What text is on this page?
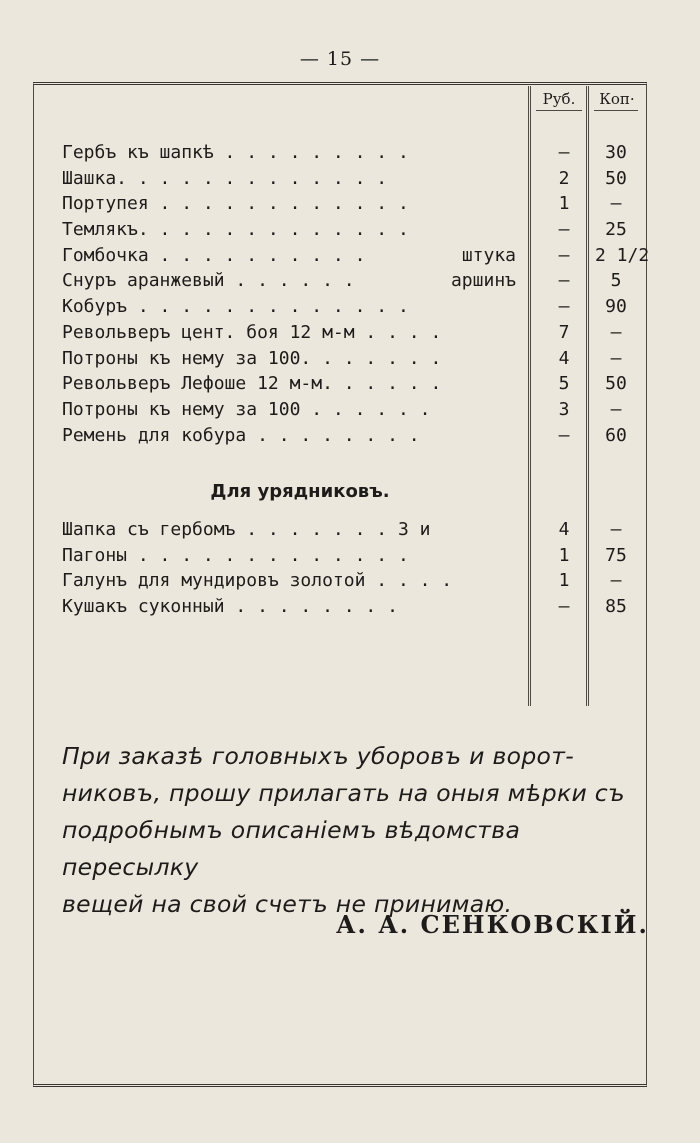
— 15 —
Руб.	Коп·
Гербъ къ шапкѣ . . . . . . . . .	—	30
Шашка. . . . . . . . . . . . .	2	50
Портупея . . . . . . . . . . . .	1	—
Темлякъ. . . . . . . . . . . . .	—	25
Гомбочка . . . . . . . . . .	штука	—	2 1/2
Снуръ аранжевый . . . . . .	аршинъ	—	5
Кобуръ . . . . . . . . . . . . .	—	90
Револьверъ цент. боя 12 м-м . . . .	7	—
Потроны къ нему за 100. . . . . . .	4	—
Револьверъ Лефоше 12 м-м. . . . . .	5	50
Потроны къ нему за 100 . . . . . .	3	—
Ремень для кобура . . . . . . . .	—	60
Для урядниковъ.
Шапка съ гербомъ . . . . . . . 3 и	4	—
Пагоны . . . . . . . . . . . . .	1	75
Галунъ для мундировъ золотой . . . .	1	—
Кушакъ суконный . . . . . . . .	—	85
При заказѣ головныхъ уборовъ и ворот-
никовъ, прошу прилагать на оныя мѣрки съ
подробнымъ описаніемъ вѣдомства пересылку
вещей на свой счетъ не принимаю.
А. А. СЕНКОВСКІЙ.
